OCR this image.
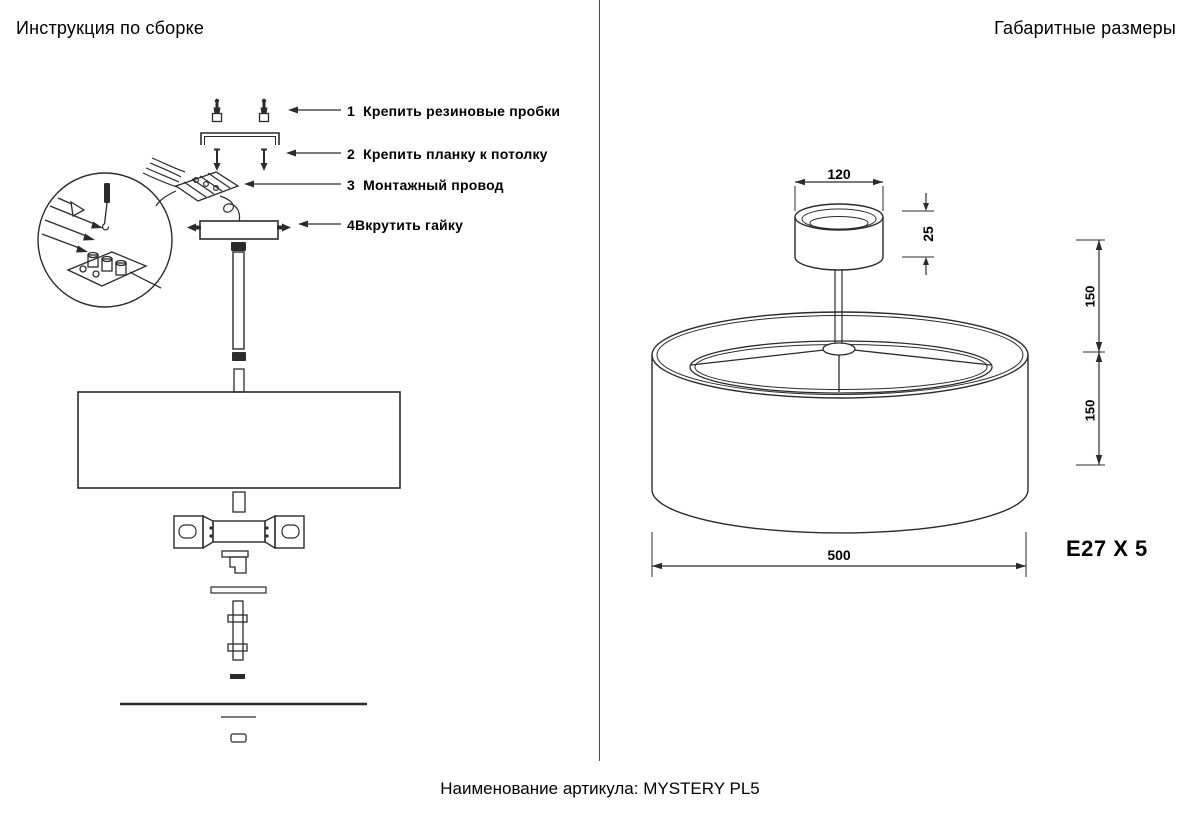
Инструкция по сборке	Габаритные размеры
1  Крепить резиновые пробки
2  Крепить планку к потолку
3  Монтажный провод
4Вкрутить гайку
120
25
150
150
500	E27 X 5
Наименование артикула: MYSTERY PL5
